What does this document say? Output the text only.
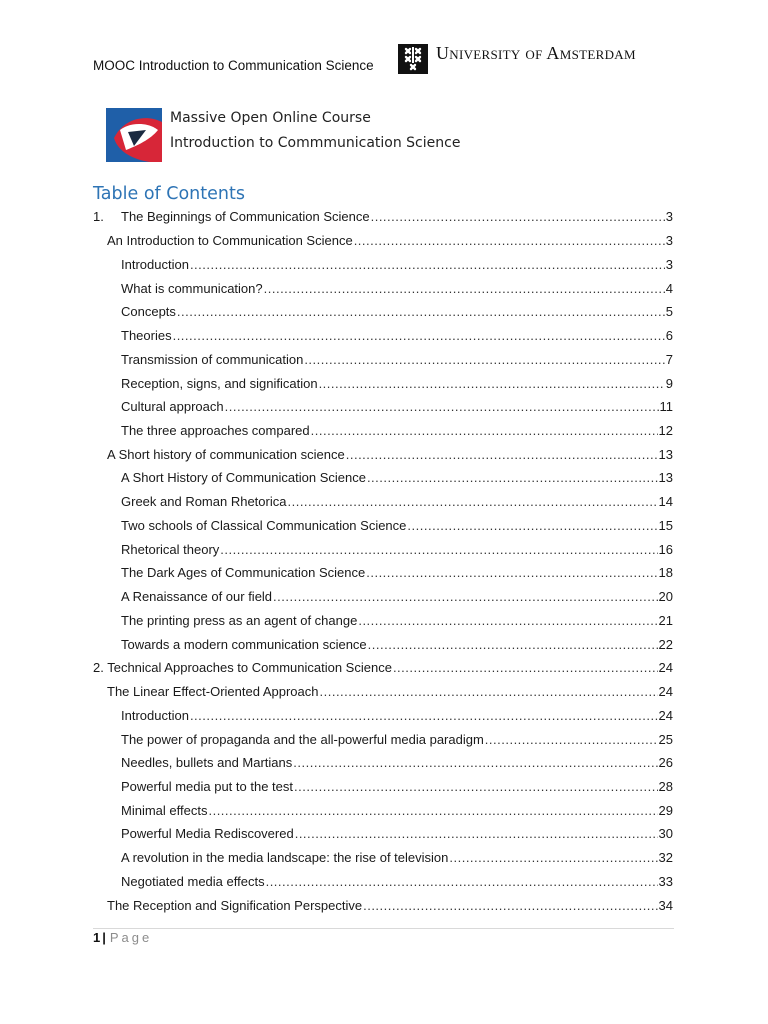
MOOC Introduction to Communication Science
University of Amsterdam
Massive Open Online Course
Introduction to Commmunication Science
Table of Contents
1.	The Beginnings of Communication Science .....	3
An Introduction to Communication Science .....	3
Introduction .....	3
What is communication? .....	4
Concepts .....	5
Theories .....	6
Transmission of communication .....	7
Reception, signs, and signification .....	9
Cultural approach .....	11
The three approaches compared .....	12
A Short history of communication science .....	13
A Short History of Communication Science .....	13
Greek and Roman Rhetorica .....	14
Two schools of Classical Communication Science .....	15
Rhetorical theory .....	16
The Dark Ages of Communication Science .....	18
A Renaissance of our field .....	20
The printing press as an agent of change .....	21
Towards a modern communication science .....	22
2. Technical Approaches to Communication Science .....	24
The Linear Effect-Oriented Approach .....	24
Introduction .....	24
The power of propaganda and the all-powerful media paradigm .....	25
Needles, bullets and Martians .....	26
Powerful media put to the test .....	28
Minimal effects .....	29
Powerful Media Rediscovered .....	30
A revolution in the media landscape: the rise of television .....	32
Negotiated media effects .....	33
The Reception and Signification Perspective .....	34
1 | Page
